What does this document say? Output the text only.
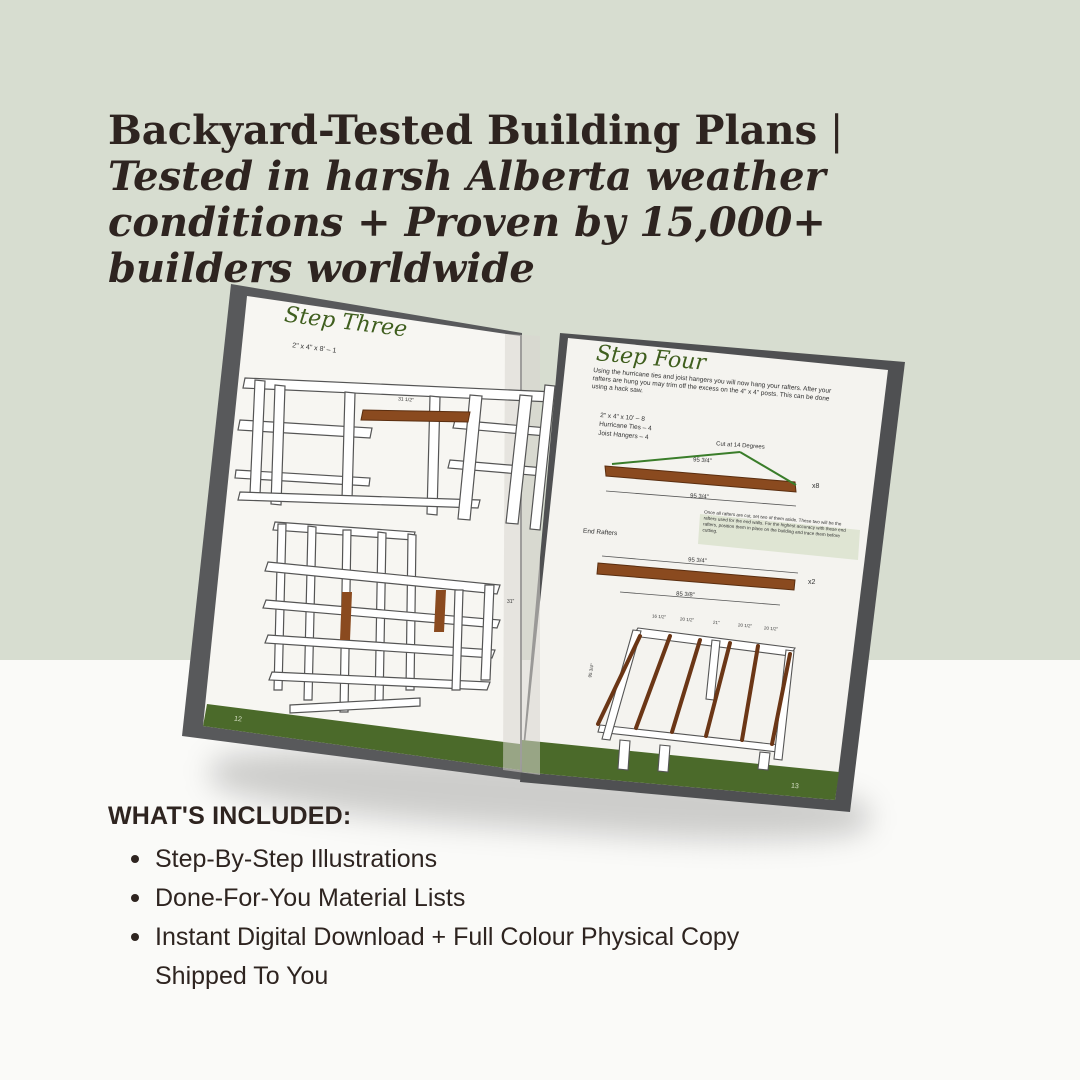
Backyard-Tested Building Plans | Tested in harsh Alberta weather conditions + Proven by 15,000+ builders worldwide
Step Three
2" x 4" x 8' – 1
31 1/2"
31"
12
Step Four
Using the hurricane ties and joist hangers you will now hang your rafters. After your rafters are hung you may trim off the excess on the 4" x 4" posts. This can be done using a hack saw.
2" x 4" x 10' – 8
Hurricane Ties – 4
Joist Hangers – 4
Cut at 14 Degrees
95 3/4"
95 3/4"
x8
Once all rafters are cut, set two of them aside. These two will be the rafters used for the end walls. For the highest accuracy with these end rafters, position them in place on the building and trace them before cutting.
End Rafters
95 3/4"
85 3/8"
x2
16 1/2"
20 1/2"
21"
20 1/2"
20 1/2"
95 3/4"
13
WHAT'S INCLUDED:
Step-By-Step Illustrations
Done-For-You Material Lists
Instant Digital Download + Full Colour Physical Copy Shipped To You
